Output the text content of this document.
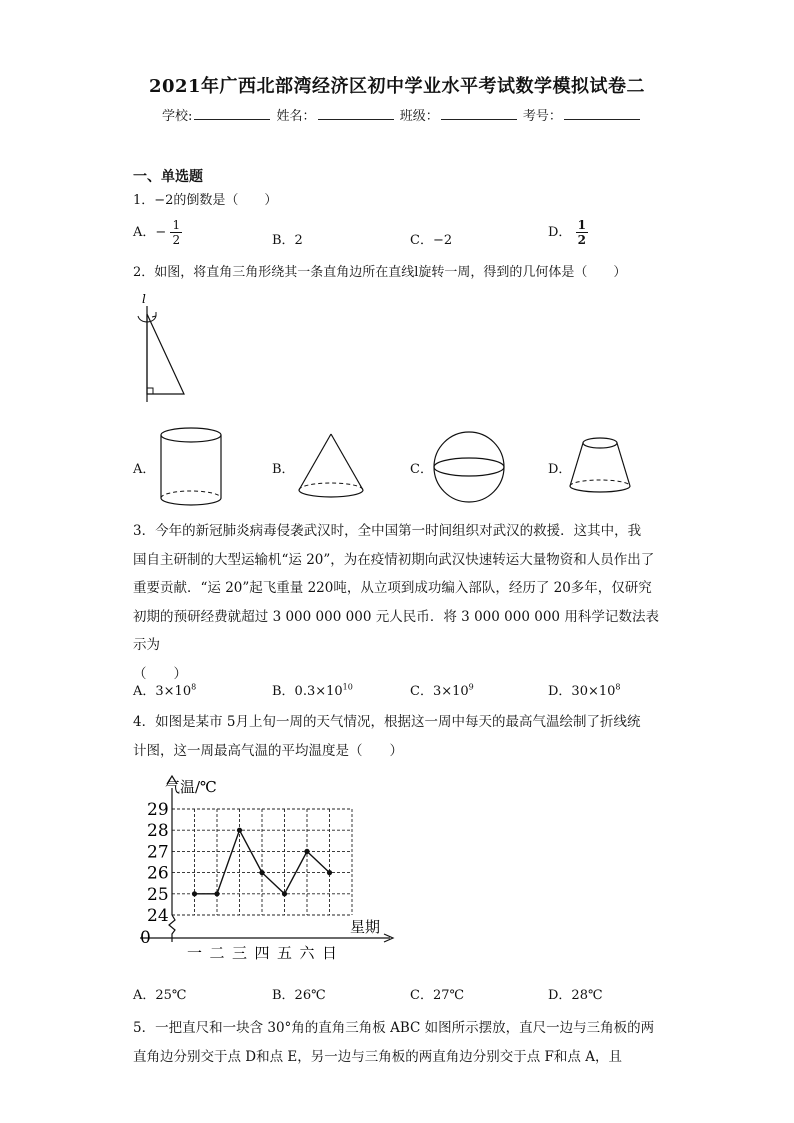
2021年广西北部湾经济区初中学业水平考试数学模拟试卷二
学校:	姓名：	班级：	考号：
一、单选题
1．−2的倒数是（　　）
A．− $\frac{1}{2}$	B．2	C．−2
D． $\frac{1}{2}$
2．如图，将直角三角形绕其一条直角边所在直线l旋转一周，得到的几何体是（　　）
l
A．	B．	C．	D．
3．今年的新冠肺炎病毒侵袭武汉时，全中国第一时间组织对武汉的救援．这其中，我
国自主研制的大型运输机“运 20”，为在疫情初期向武汉快速转运大量物资和人员作出了
重要贡献．“运 20”起飞重量 220吨，从立项到成功编入部队，经历了 20多年，仅研究
初期的预研经费就超过 3 000 000 000 元人民币．将 3 000 000 000 用科学记数法表示为
（　　）
A．$3\times 10^8$	B．$0.3\times 10^{10}$	C．$3\times 10^9$	D．$30\times 10^8$
4．如图是某市 5月上旬一周的天气情况，根据这一周中每天的最高气温绘制了折线统
计图，这一周最高气温的平均温度是（　　）
气温/℃
星期
0
24
25
26
27
28
29
一 二 三 四 五 六 日
A．25℃	B．26℃	C．27℃	D．28℃
5．一把直尺和一块含 30°角的直角三角板 ABC 如图所示摆放，直尺一边与三角板的两
直角边分别交于点 D和点 E，另一边与三角板的两直角边分别交于点 F和点 A，且
